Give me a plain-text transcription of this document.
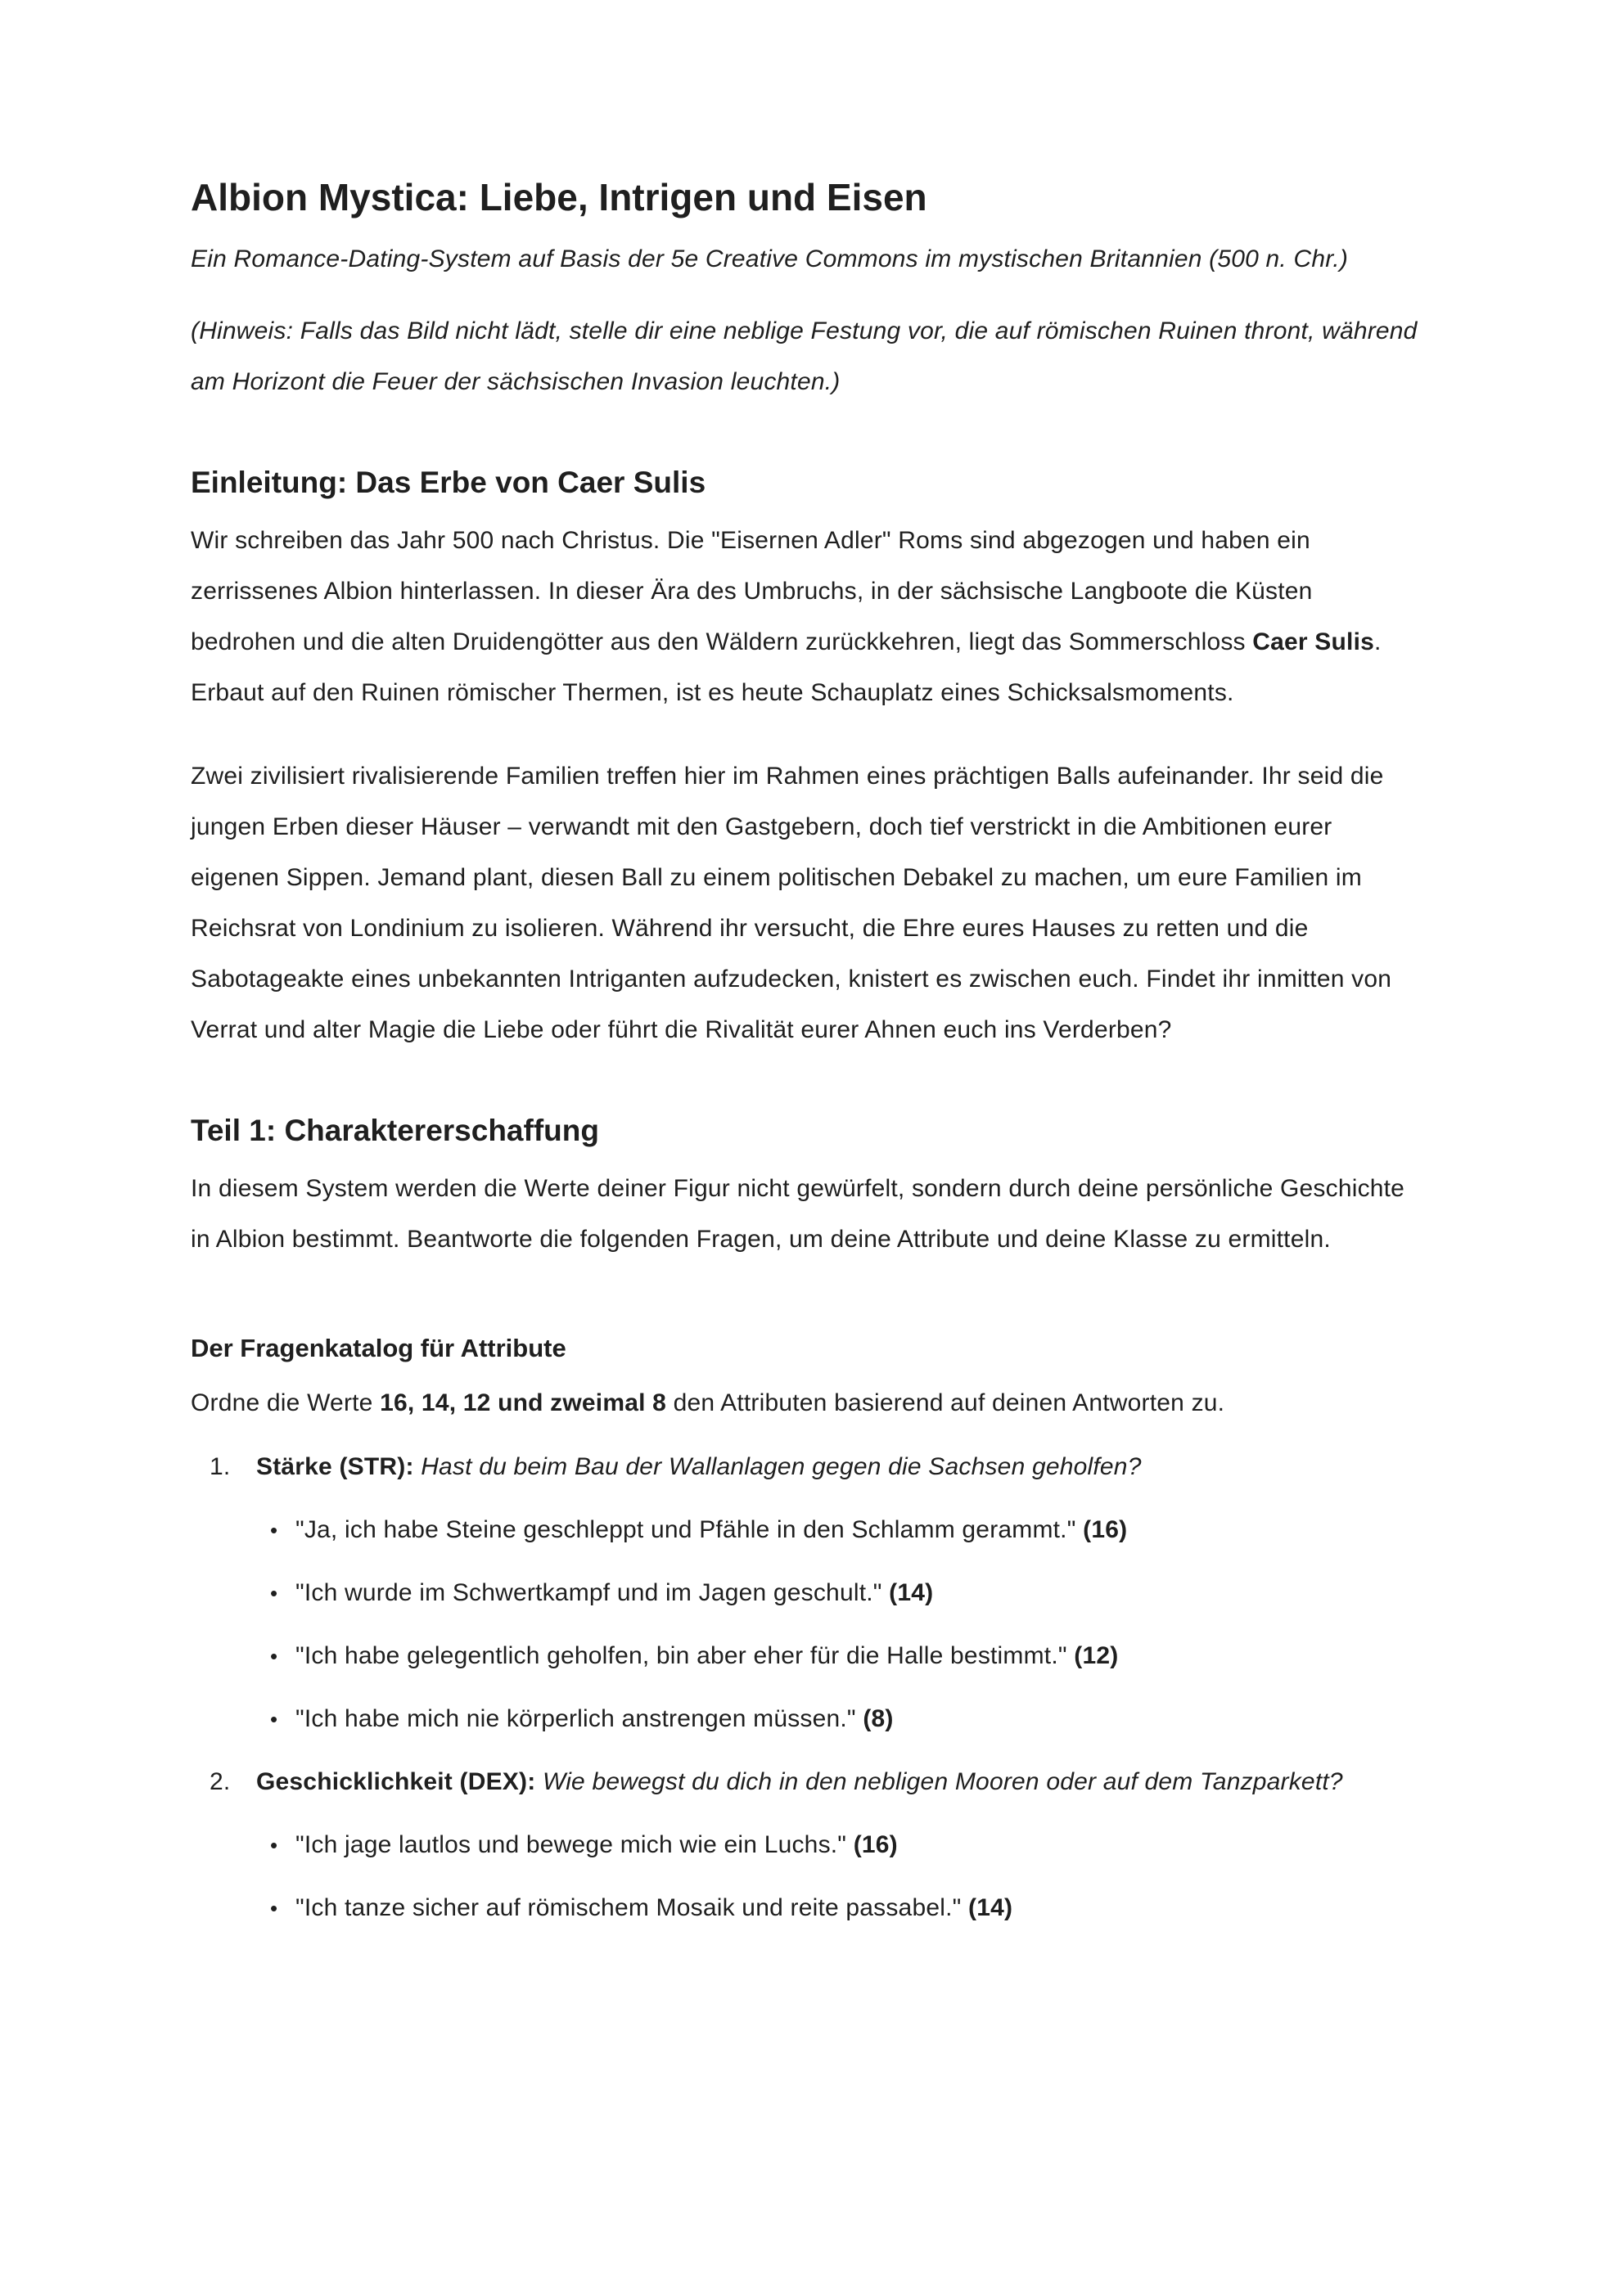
Albion Mystica: Liebe, Intrigen und Eisen

Ein Romance-Dating-System auf Basis der 5e Creative Commons im mystischen Britannien (500 n. Chr.)

(Hinweis: Falls das Bild nicht lädt, stelle dir eine neblige Festung vor, die auf römischen Ruinen thront, während am Horizont die Feuer der sächsischen Invasion leuchten.)

Einleitung: Das Erbe von Caer Sulis

Wir schreiben das Jahr 500 nach Christus. Die "Eisernen Adler" Roms sind abgezogen und haben ein zerrissenes Albion hinterlassen. In dieser Ära des Umbruchs, in der sächsische Langboote die Küsten bedrohen und die alten Druidengötter aus den Wäldern zurückkehren, liegt das Sommerschloss Caer Sulis. Erbaut auf den Ruinen römischer Thermen, ist es heute Schauplatz eines Schicksalsmoments.

Zwei zivilisiert rivalisierende Familien treffen hier im Rahmen eines prächtigen Balls aufeinander. Ihr seid die jungen Erben dieser Häuser – verwandt mit den Gastgebern, doch tief verstrickt in die Ambitionen eurer eigenen Sippen. Jemand plant, diesen Ball zu einem politischen Debakel zu machen, um eure Familien im Reichsrat von Londinium zu isolieren. Während ihr versucht, die Ehre eures Hauses zu retten und die Sabotageakte eines unbekannten Intriganten aufzudecken, knistert es zwischen euch. Findet ihr inmitten von Verrat und alter Magie die Liebe oder führt die Rivalität eurer Ahnen euch ins Verderben?

Teil 1: Charaktererschaffung

In diesem System werden die Werte deiner Figur nicht gewürfelt, sondern durch deine persönliche Geschichte in Albion bestimmt. Beantworte die folgenden Fragen, um deine Attribute und deine Klasse zu ermitteln.

Der Fragenkatalog für Attribute

Ordne die Werte 16, 14, 12 und zweimal 8 den Attributen basierend auf deinen Antworten zu.

1.	Stärke (STR): Hast du beim Bau der Wallanlagen gegen die Sachsen geholfen?
• "Ja, ich habe Steine geschleppt und Pfähle in den Schlamm gerammt." (16)
• "Ich wurde im Schwertkampf und im Jagen geschult." (14)
• "Ich habe gelegentlich geholfen, bin aber eher für die Halle bestimmt." (12)
• "Ich habe mich nie körperlich anstrengen müssen." (8)
2.	Geschicklichkeit (DEX): Wie bewegst du dich in den nebligen Mooren oder auf dem Tanzparkett?
• "Ich jage lautlos und bewege mich wie ein Luchs." (16)
• "Ich tanze sicher auf römischem Mosaik und reite passabel." (14)
